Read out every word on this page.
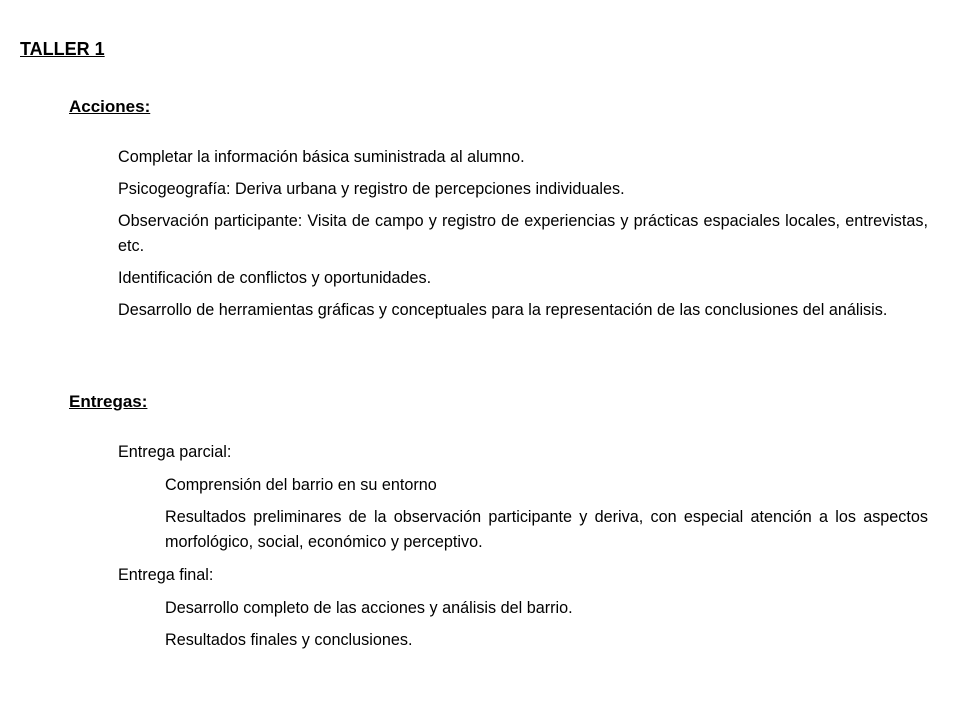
TALLER 1
Acciones:
Completar la información básica suministrada al alumno.
Psicogeografía: Deriva urbana y registro de percepciones individuales.
Observación participante: Visita de campo y registro de experiencias y prácticas espaciales locales, entrevistas, etc.
Identificación de conflictos y oportunidades.
Desarrollo de herramientas gráficas y conceptuales para la representación de las conclusiones del análisis.
Entregas:

Entrega parcial:

Comprensión del barrio en su entorno
Resultados preliminares de la observación participante y deriva, con especial atención a los aspectos morfológico, social, económico y perceptivo.

Entrega final:

Desarrollo completo de las acciones y análisis del barrio.
Resultados finales y conclusiones.
